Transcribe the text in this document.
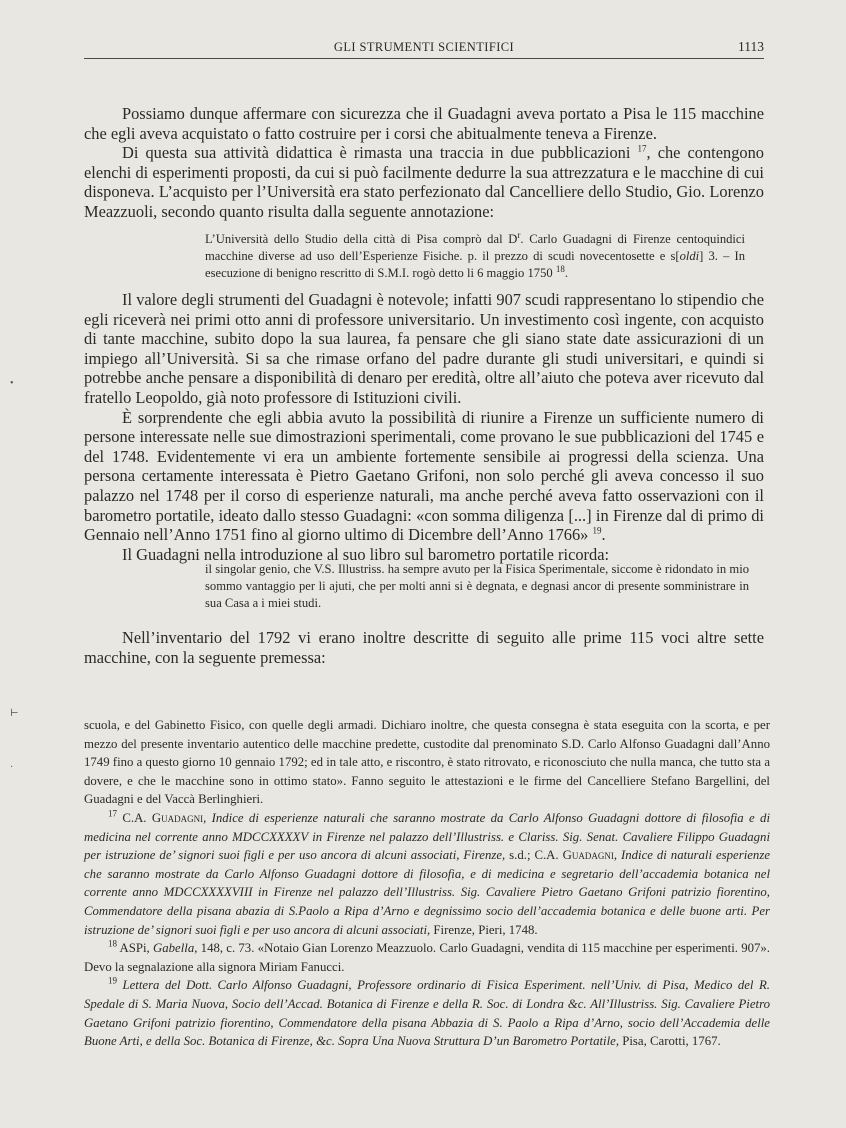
GLI STRUMENTI SCIENTIFICI	1113
•
⊢
·

Possiamo dunque affermare con sicurezza che il Guadagni aveva portato a Pisa le 115 macchine che egli aveva acquistato o fatto costruire per i corsi che abitualmente teneva a Firenze.

Di questa sua attività didattica è rimasta una traccia in due pubblicazioni $^{17}$, che contengono elenchi di esperimenti proposti, da cui si può facilmente dedurre la sua attrezzatura e le macchine di cui disponeva. L’acquisto per l’Università era stato perfezionato dal Cancelliere dello Studio, Gio. Lorenzo Meazzuoli, secondo quanto risulta dalla seguente annotazione:

L’Università dello Studio della città di Pisa comprò dal $D^r$. Carlo Guadagni di Firenze centoquindici macchine diverse ad uso dell’Esperienze Fisiche. p. il prezzo di scudi novecentosette e s[oldi] 3. – In esecuzione di benigno rescritto di S.M.I. rogò detto li 6 maggio 1750 $^{18}$.

Il valore degli strumenti del Guadagni è notevole; infatti 907 scudi rappresentano lo stipendio che egli riceverà nei primi otto anni di professore universitario. Un investimento così ingente, con acquisto di tante macchine, subito dopo la sua laurea, fa pensare che gli siano state date assicurazioni di un impiego all’Università. Si sa che rimase orfano del padre durante gli studi universitari, e quindi si potrebbe anche pensare a disponibilità di denaro per eredità, oltre all’aiuto che poteva aver ricevuto dal fratello Leopoldo, già noto professore di Istituzioni civili.

È sorprendente che egli abbia avuto la possibilità di riunire a Firenze un sufficiente numero di persone interessate nelle sue dimostrazioni sperimentali, come provano le sue pubblicazioni del 1745 e del 1748. Evidentemente vi era un ambiente fortemente sensibile ai progressi della scienza. Una persona certamente interessata è Pietro Gaetano Grifoni, non solo perché gli aveva concesso il suo palazzo nel 1748 per il corso di esperienze naturali, ma anche perché aveva fatto osservazioni con il barometro portatile, ideato dallo stesso Guadagni: «con somma diligenza [...] in Firenze dal di primo di Gennaio nell’Anno 1751 fino al giorno ultimo di Dicembre dell’Anno 1766» $^{19}$.

Il Guadagni nella introduzione al suo libro sul barometro portatile ricorda:

il singolar genio, che V.S. Illustriss. ha sempre avuto per la Fisica Sperimentale, siccome è ridondato in mio sommo vantaggio per li ajuti, che per molti anni si è degnata, e degnasi ancor di presente somministrare in sua Casa a i miei studi.

Nell’inventario del 1792 vi erano inoltre descritte di seguito alle prime 115 voci altre sette macchine, con la seguente premessa:

scuola, e del Gabinetto Fisico, con quelle degli armadi. Dichiaro inoltre, che questa consegna è stata eseguita con la scorta, e per mezzo del presente inventario autentico delle macchine predette, custodite dal prenominato S.D. Carlo Alfonso Guadagni dall’Anno 1749 fino a questo giorno 10 gennaio 1792; ed in tale atto, e riscontro, è stato ritrovato, e riconosciuto che nulla manca, che tutto sta a dovere, e che le macchine sono in ottimo stato». Fanno seguito le attestazioni e le firme del Cancelliere Stefano Bargellini, del Guadagni e del Vaccà Berlinghieri.

$^{17}$ C.A. Guadagni, Indice di esperienze naturali che saranno mostrate da Carlo Alfonso Guadagni dottore di filosofia e di medicina nel corrente anno MDCCXXXXV in Firenze nel palazzo dell’Illustriss. e Clariss. Sig. Senat. Cavaliere Filippo Guadagni per istruzione de’ signori suoi figli e per uso ancora di alcuni associati, Firenze, s.d.; C.A. Guadagni, Indice di naturali esperienze che saranno mostrate da Carlo Alfonso Guadagni dottore di filosofia, e di medicina e segretario dell’accademia botanica nel corrente anno MDCCXXXXVIII in Firenze nel palazzo dell’Illustriss. Sig. Cavaliere Pietro Gaetano Grifoni patrizio fiorentino, Commendatore della pisana abazia di S.Paolo a Ripa d’Arno e degnissimo socio dell’accademia botanica e delle buone arti. Per istruzione de’ signori suoi figli e per uso ancora di alcuni associati, Firenze, Pieri, 1748.

$^{18}$ ASPi, Gabella, 148, c. 73. «Notaio Gian Lorenzo Meazzuolo. Carlo Guadagni, vendita di 115 macchine per esperimenti. 907». Devo la segnalazione alla signora Miriam Fanucci.

$^{19}$ Lettera del Dott. Carlo Alfonso Guadagni, Professore ordinario di Fisica Esperiment. nell’Univ. di Pisa, Medico del R. Spedale di S. Maria Nuova, Socio dell’Accad. Botanica di Firenze e della R. Soc. di Londra &c. All’Illustriss. Sig. Cavaliere Pietro Gaetano Grifoni patrizio fiorentino, Commendatore della pisana Abbazia di S. Paolo a Ripa d’Arno, socio dell’Accademia delle Buone Arti, e della Soc. Botanica di Firenze, &c. Sopra Una Nuova Struttura D’un Barometro Portatile, Pisa, Carotti, 1767.
